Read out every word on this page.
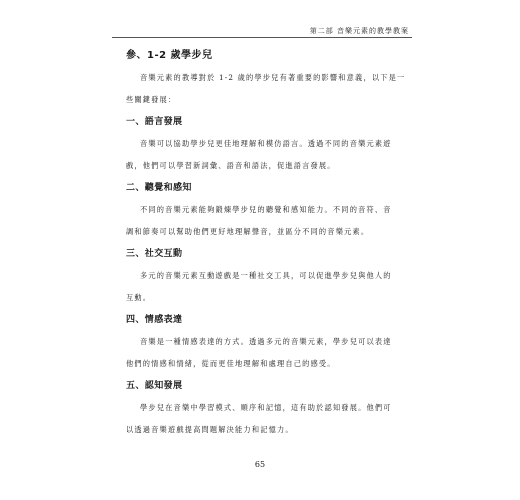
第二部 音樂元素的教學教案
參、1-2 歲學步兒

音樂元素的教導對於 1-2 歲的學步兒有著重要的影響和意義，以下是一
些關鍵發展：

一、語言發展

音樂可以協助學步兒更佳地理解和模仿語言。透過不同的音樂元素遊
戲，他們可以學習新詞彙、語音和語法，促進語言發展。

二、聽覺和感知

不同的音樂元素能夠鍛煉學步兒的聽覺和感知能力。不同的音符、音
調和節奏可以幫助他們更好地理解聲音，並區分不同的音樂元素。

三、社交互動

多元的音樂元素互動遊戲是一種社交工具，可以促進學步兒與他人的
互動。

四、情感表達

音樂是一種情感表達的方式。透過多元的音樂元素，學步兒可以表達
他們的情感和情緒，從而更佳地理解和處理自己的感受。

五、認知發展

學步兒在音樂中學習模式、順序和記憶，這有助於認知發展。他們可
以透過音樂遊戲提高問題解決能力和記憶力。

65
